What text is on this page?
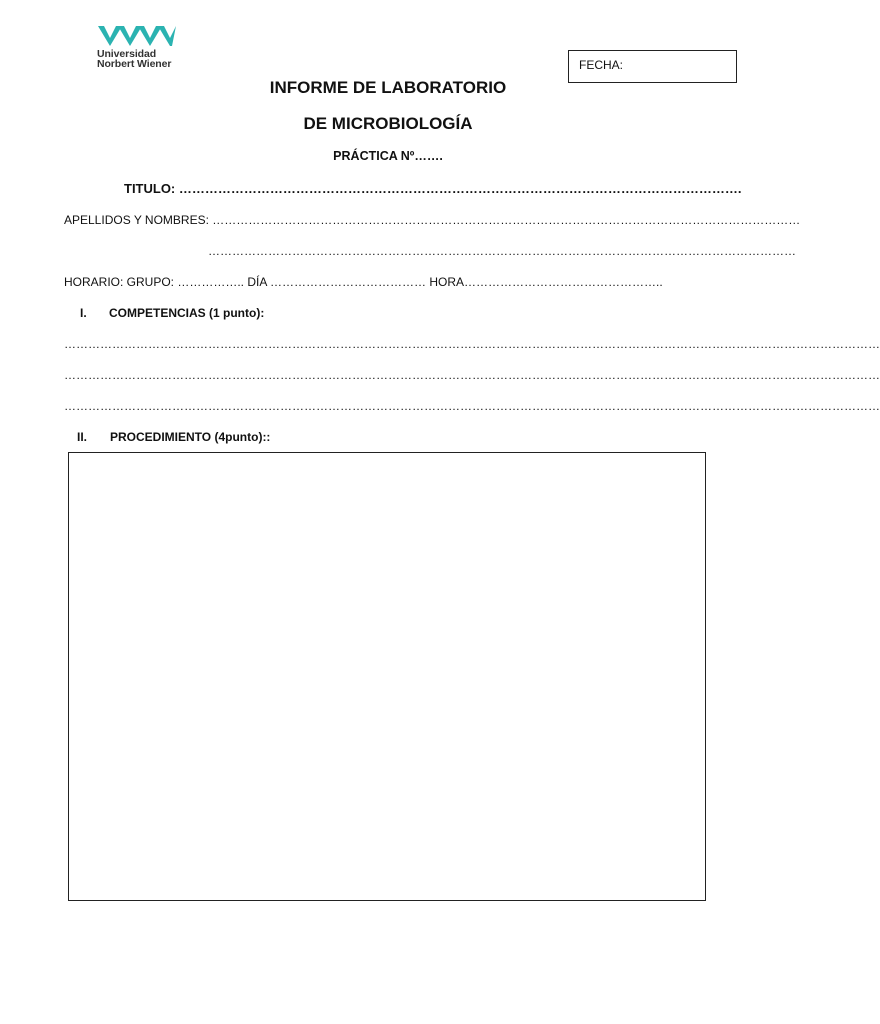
Universidad
Norbert Wiener	FECHA:
INFORME DE LABORATORIO
DE MICROBIOLOGÍA
PRÁCTICA Nº…….
TITULO: ………………………………………………………………………………………………………………….
APELLIDOS Y NOMBRES: …………………………………………………………………………………………………………………………………
…………………………………………………………………………………………………………………………………
HORARIO: GRUPO: …………….. DÍA ………………………………… HORA…………………………………………..
I. COMPETENCIAS (1 punto):
……………………………………………………………………………………………………………………………………………………………………………………
……………………………………………………………………………………………………………………………………………………………………………………
……………………………………………………………………………………………………………………………………………………………………………………
II. PROCEDIMIENTO (4punto)::
